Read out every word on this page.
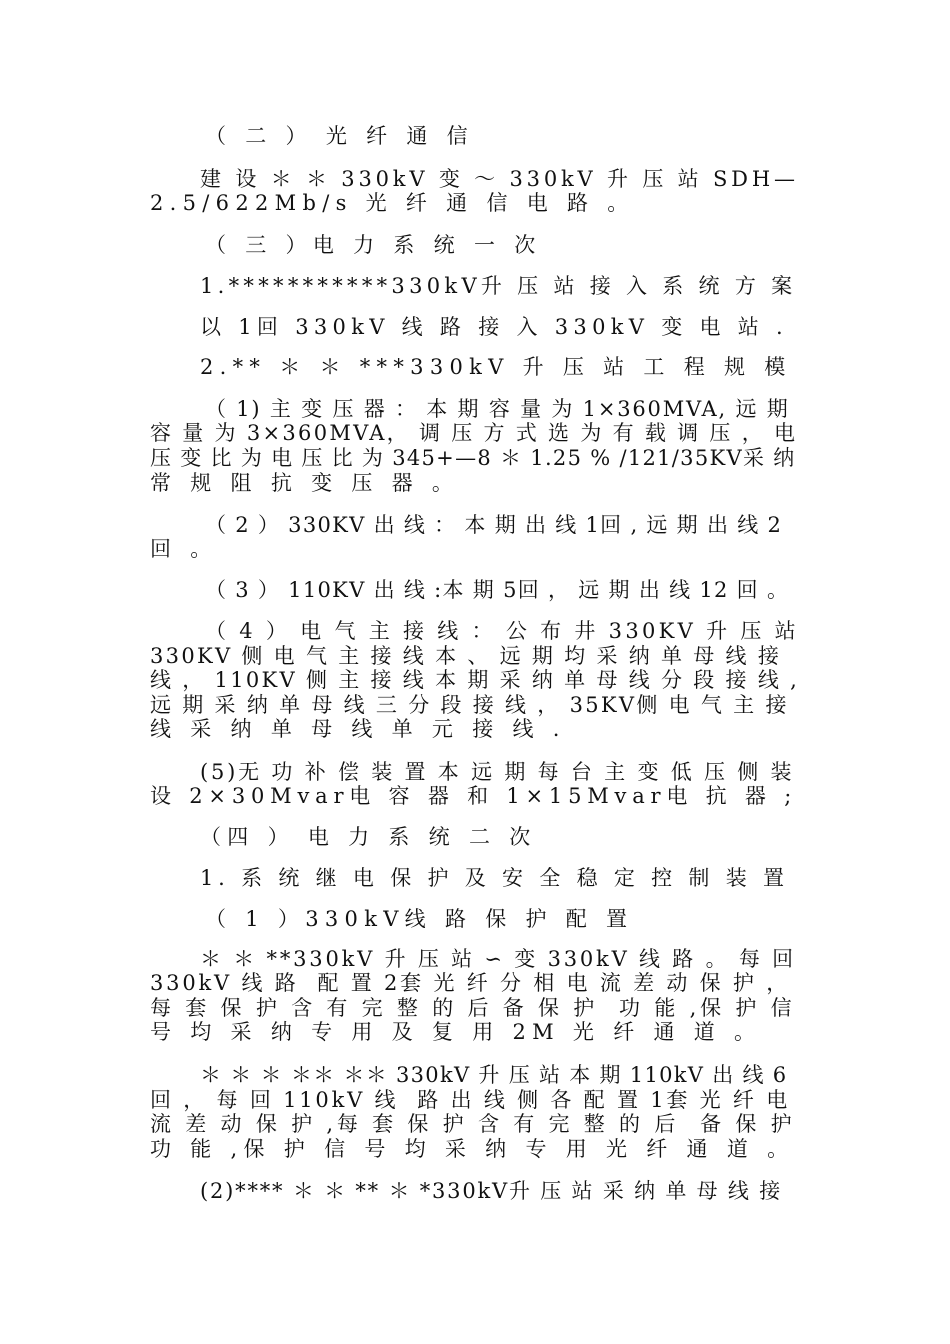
（ 二 ） 光 纤 通 信
建 设 ＊ ＊ 330kV 变 ～ 330kV 升 压 站 SDH—
2.5/622Mb/s 光 纤 通 信 电 路 。
（ 三 ）电 力 系 统 一 次
1.***********330kV升 压 站 接 入 系 统 方 案
以 1回 330kV 线 路 接 入 330kV 变 电 站 .
2.** ＊ ＊ ***330kV 升 压 站 工 程 规 模
（ 1) 主 变 压 器 ： 本 期 容 量 为 1×360MVA, 远 期
容 量 为 3×360MVA， 调 压 方 式 选 为 有 载 调 压 ， 电
压 变 比 为 电 压 比 为 345+—8 ＊ 1.25 % /121/35KV采 纳
常 规 阻 抗 变 压 器 。
（ 2 ） 330KV 出 线 ： 本 期 出 线 1回 , 远 期 出 线 2
回 。
（ 3 ） 110KV 出 线 :本 期 5回 ， 远 期 出 线 12 回 。
（ 4 ） 电 气 主 接 线 ： 公 布 井 330KV 升 压 站
330KV 侧 电 气 主 接 线 本 、 远 期 均 采 纳 单 母 线 接
线 ， 110KV 侧 主 接 线 本 期 采 纳 单 母 线 分 段 接 线 ,
远 期 采 纳 单 母 线 三 分 段 接 线 ， 35KV侧 电 气 主 接
线 采 纳 单 母 线 单 元 接 线 .
(5)无 功 补 偿 装 置 本 远 期 每 台 主 变 低 压 侧 装
设 2×30Mvar电 容 器 和 1×15Mvar电 抗 器 ;
（四 ） 电 力 系 统 二 次
1. 系 统 继 电 保 护 及 安 全 稳 定 控 制 装 置
（ 1 ）330kV线 路 保 护 配 置
＊ ＊ **330kV 升 压 站 ∽ 变 330kV 线 路 。 每 回
330kV 线 路  配 置 2套 光 纤 分 相 电 流 差 动 保 护 ，
每 套 保 护 含 有 完 整 的 后 备 保 护  功 能 ,保 护 信
号 均 采 纳 专 用 及 复 用 2M 光 纤 通 道 。
＊ ＊ ＊ ＊＊ ＊＊ 330kV 升 压 站 本 期 110kV 出 线 6
回 ， 每 回 110kV 线  路 出 线 侧 各 配 置 1套 光 纤 电
流 差 动 保 护 ,每 套 保 护 含 有 完 整 的 后  备 保 护
功 能 ,保 护 信 号 均 采 纳 专 用 光 纤 通 道 。
(2)**** ＊ ＊ ** ＊ *330kV升 压 站 采 纳 单 母 线 接
